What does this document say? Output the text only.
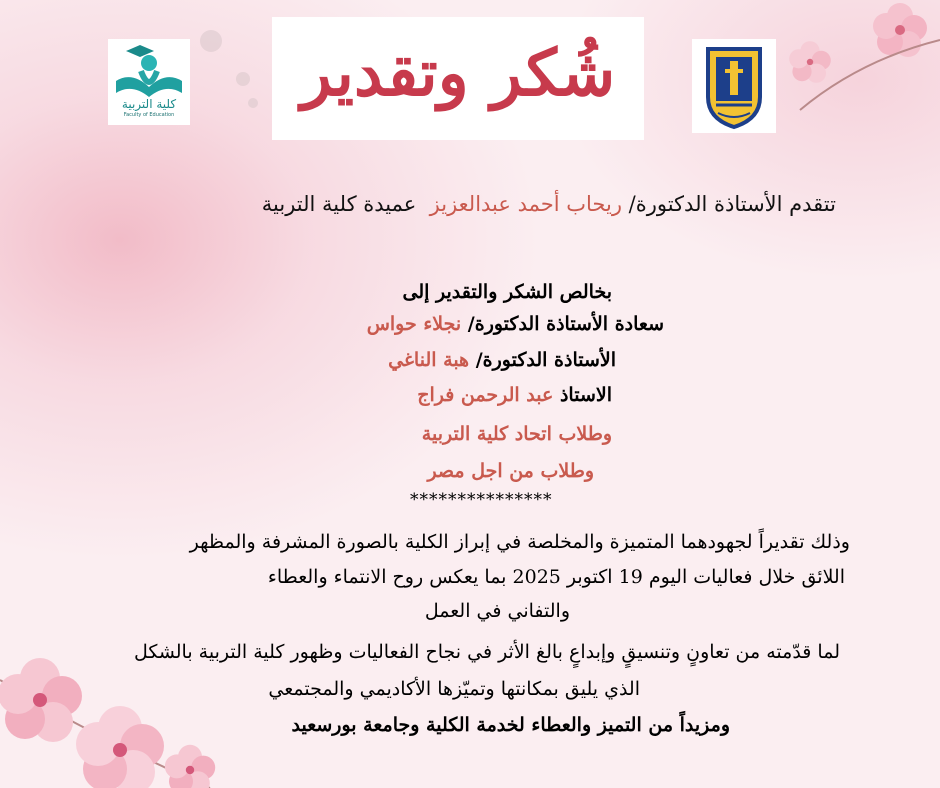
كلية التربية
Faculty of Education
شُكر وتقدير
تتقدم الأستاذة الدكتورة/ ريحاب أحمد عبدالعزيز  عميدة كلية التربية
بخالص الشكر والتقدير إلى
سعادة الأستاذة الدكتورة/ نجلاء حواس
الأستاذة الدكتورة/ هبة الناغي
الاستاذ عبد الرحمن فراج
وطلاب اتحاد كلية التربية
وطلاب من اجل مصر
***************
وذلك تقديراً لجهودهما المتميزة والمخلصة في إبراز الكلية بالصورة المشرفة والمظهر
اللائق خلال فعاليات اليوم 19 اكتوبر 2025 بما يعكس روح الانتماء والعطاء
والتفاني في العمل
لما قدّمته من تعاونٍ وتنسيقٍ وإبداعٍ بالغ الأثر في نجاح الفعاليات وظهور كلية التربية بالشكل
الذي يليق بمكانتها وتميّزها الأكاديمي والمجتمعي
ومزيداً من التميز والعطاء لخدمة الكلية وجامعة بورسعيد
